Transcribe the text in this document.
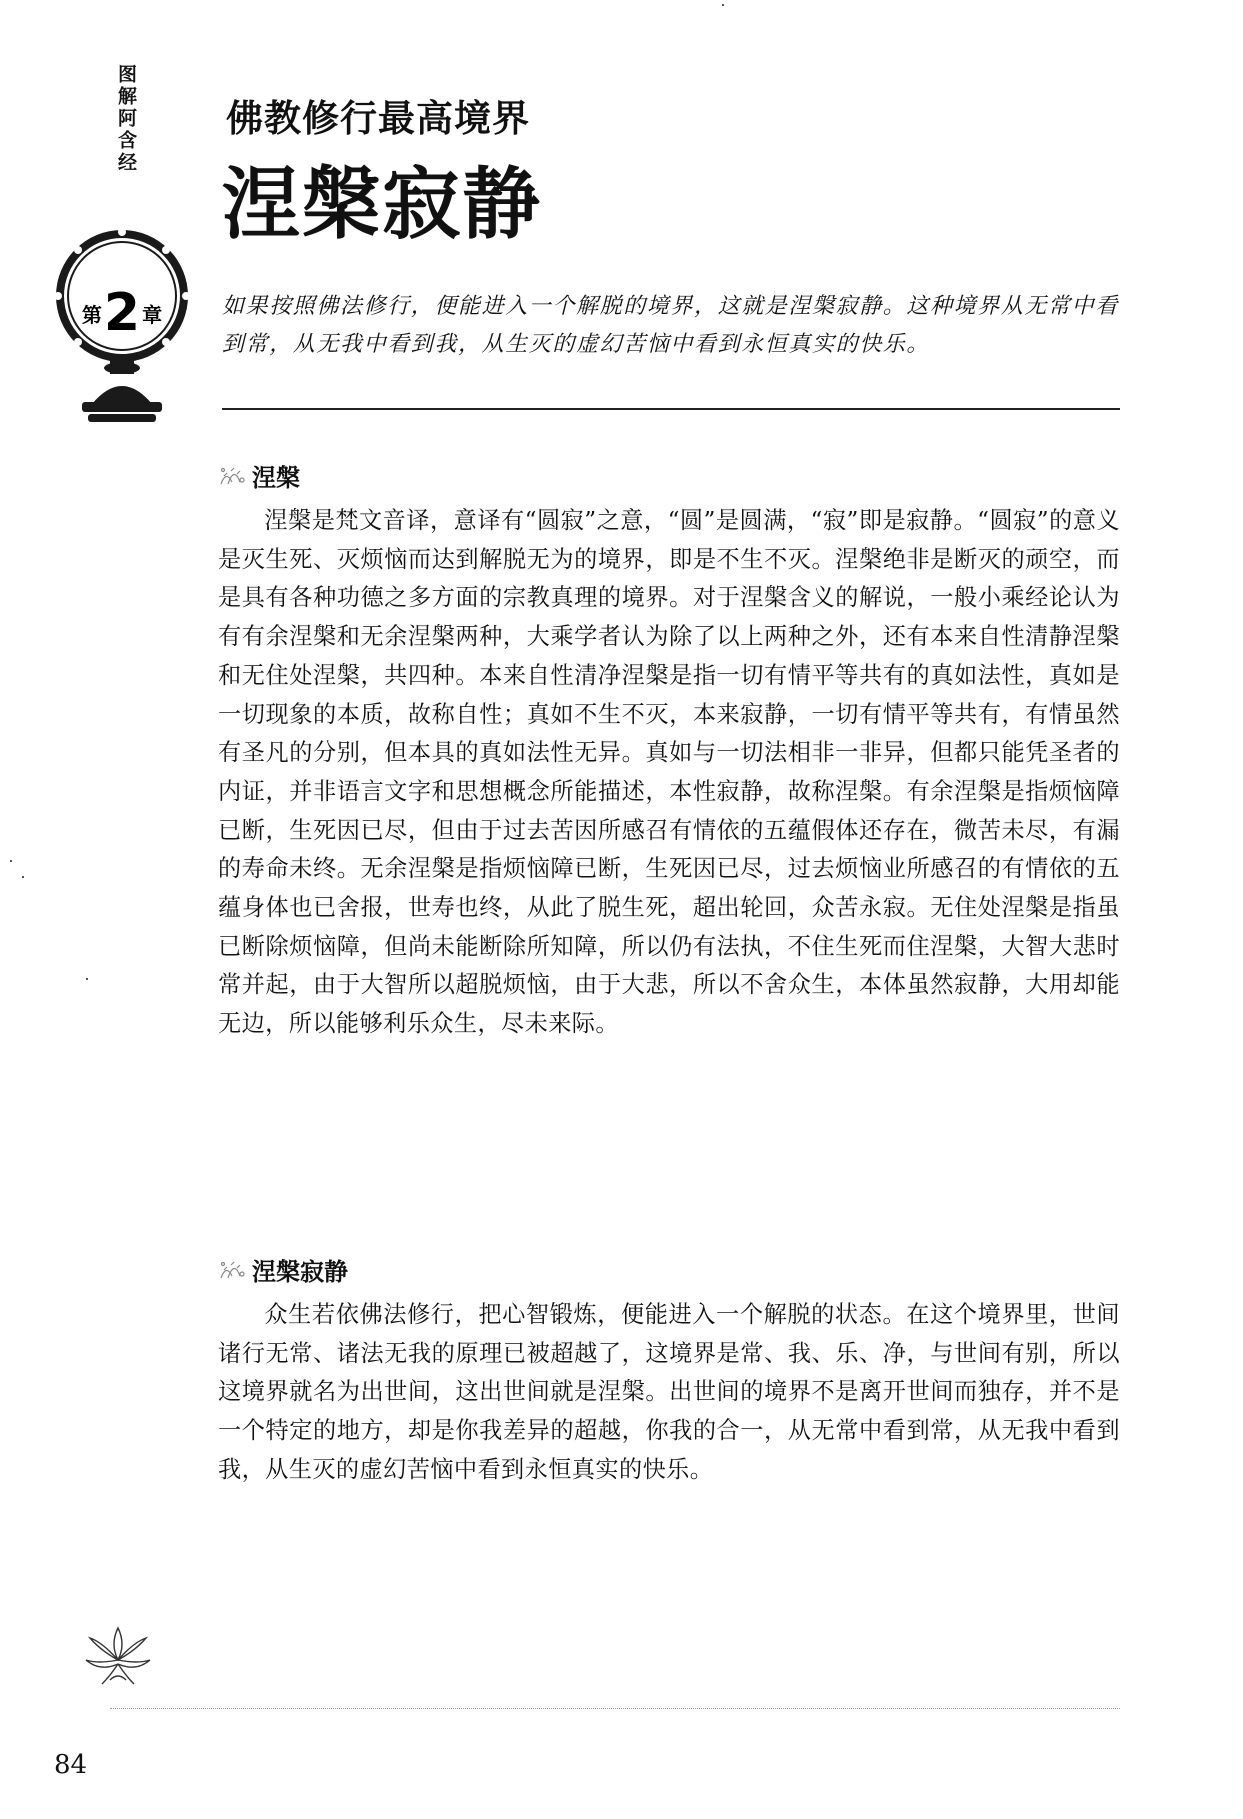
图解阿含经
第 2 章
佛教修行最高境界
涅槃寂静
如果按照佛法修行，便能进入一个解脱的境界，这就是涅槃寂静。这种境界从无常中看到常，从无我中看到我，从生灭的虚幻苦恼中看到永恒真实的快乐。
涅槃

涅槃是梵文音译，意译有“圆寂”之意，“圆”是圆满，“寂”即是寂静。“圆寂”的意义是灭生死、灭烦恼而达到解脱无为的境界，即是不生不灭。涅槃绝非是断灭的顽空，而是具有各种功德之多方面的宗教真理的境界。对于涅槃含义的解说，一般小乘经论认为有有余涅槃和无余涅槃两种，大乘学者认为除了以上两种之外，还有本来自性清静涅槃和无住处涅槃，共四种。本来自性清净涅槃是指一切有情平等共有的真如法性，真如是一切现象的本质，故称自性；真如不生不灭，本来寂静，一切有情平等共有，有情虽然有圣凡的分别，但本具的真如法性无异。真如与一切法相非一非异，但都只能凭圣者的内证，并非语言文字和思想概念所能描述，本性寂静，故称涅槃。有余涅槃是指烦恼障已断，生死因已尽，但由于过去苦因所感召有情依的五蕴假体还存在，微苦未尽，有漏的寿命未终。无余涅槃是指烦恼障已断，生死因已尽，过去烦恼业所感召的有情依的五蕴身体也已舍报，世寿也终，从此了脱生死，超出轮回，众苦永寂。无住处涅槃是指虽已断除烦恼障，但尚未能断除所知障，所以仍有法执，不住生死而住涅槃，大智大悲时常并起，由于大智所以超脱烦恼，由于大悲，所以不舍众生，本体虽然寂静，大用却能无边，所以能够利乐众生，尽未来际。

涅槃寂静

众生若依佛法修行，把心智锻炼，便能进入一个解脱的状态。在这个境界里，世间诸行无常、诸法无我的原理已被超越了，这境界是常、我、乐、净，与世间有别，所以这境界就名为出世间，这出世间就是涅槃。出世间的境界不是离开世间而独存，并不是一个特定的地方，却是你我差异的超越，你我的合一，从无常中看到常，从无我中看到我，从生灭的虚幻苦恼中看到永恒真实的快乐。

84
